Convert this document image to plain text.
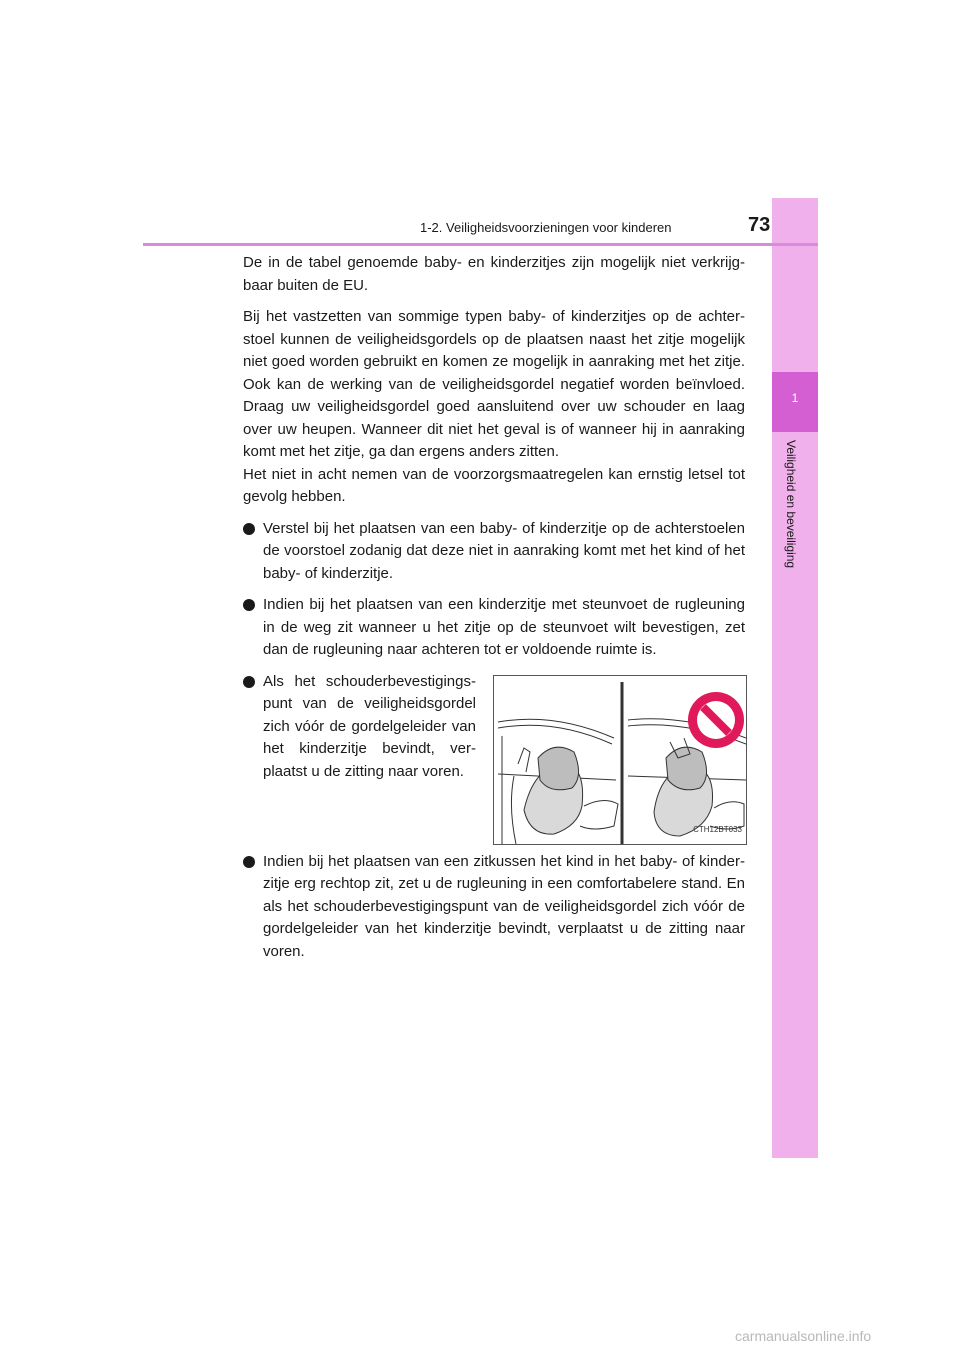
1
Veiligheid en beveiliging
1-2. Veiligheidsvoorzieningen voor kinderen	73

De in de tabel genoemde baby- en kinderzitjes zijn mogelijk niet verkrijg-baar buiten de EU.

Bij het vastzetten van sommige typen baby- of kinderzitjes op de achter-stoel kunnen de veiligheidsgordels op de plaatsen naast het zitje mogelijk niet goed worden gebruikt en komen ze mogelijk in aanraking met het zitje. Ook kan de werking van de veiligheidsgordel negatief worden beïnvloed. Draag uw veiligheidsgordel goed aansluitend over uw schouder en laag over uw heupen. Wanneer dit niet het geval is of wanneer hij in aanraking komt met het zitje, ga dan ergens anders zitten.

Het niet in acht nemen van de voorzorgsmaatregelen kan ernstig letsel tot gevolg hebben.

Verstel bij het plaatsen van een baby- of kinderzitje op de achterstoelen de voorstoel zodanig dat deze niet in aanraking komt met het kind of het baby- of kinderzitje.
Indien bij het plaatsen van een kinderzitje met steunvoet de rugleuning in de weg zit wanneer u het zitje op de steunvoet wilt bevestigen, zet dan de rugleuning naar achteren tot er voldoende ruimte is.
Als het schouderbevestigings-punt van de veiligheidsgordel zich vóór de gordelgeleider van het kinderzitje bevindt, ver-plaatst u de zitting naar voren.
CTH12BT033
Indien bij het plaatsen van een zitkussen het kind in het baby- of kinder-zitje erg rechtop zit, zet u de rugleuning in een comfortabelere stand. En als het schouderbevestigingspunt van de veiligheidsgordel zich vóór de gordelgeleider van het kinderzitje bevindt, verplaatst u de zitting naar voren.
carmanualsonline.info
